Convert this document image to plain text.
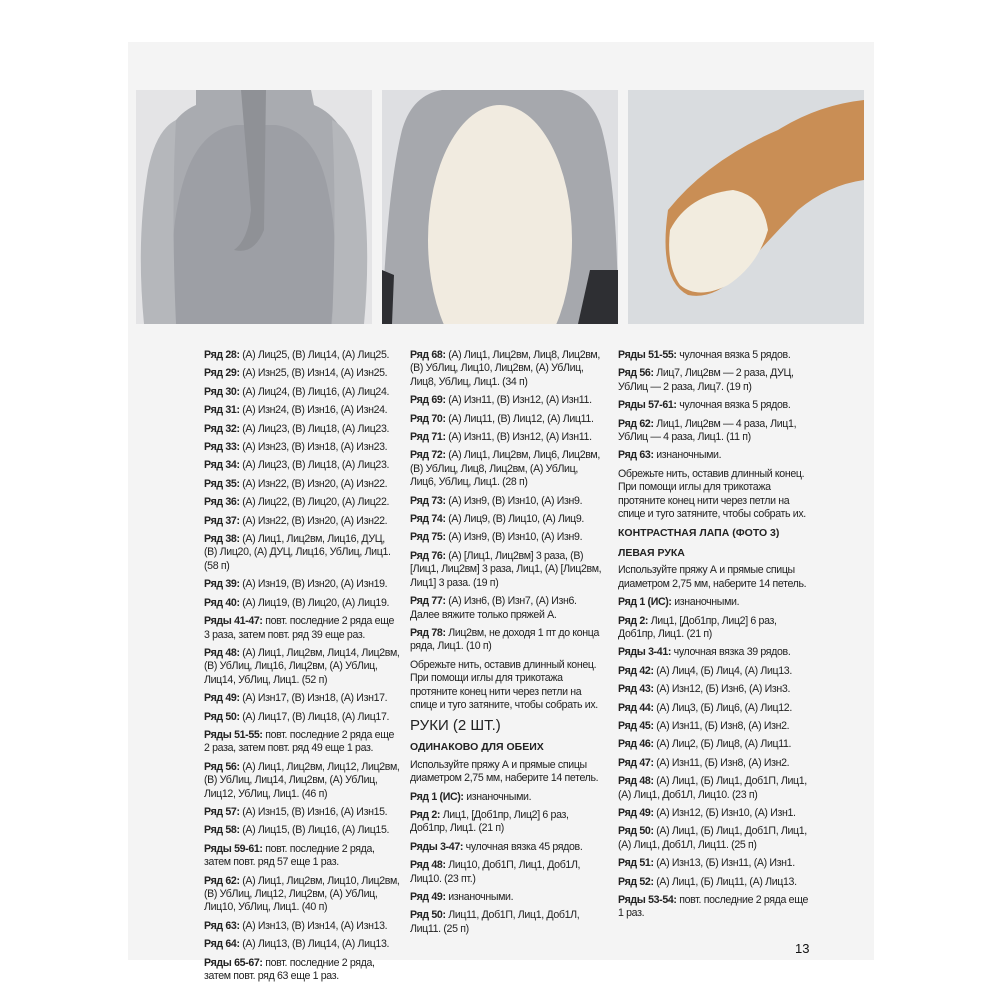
Ряд 28: (А) Лиц25, (В) Лиц14, (А) Лиц25.

Ряд 29: (А) Изн25, (В) Изн14, (А) Изн25.

Ряд 30: (А) Лиц24, (В) Лиц16, (А) Лиц24.

Ряд 31: (А) Изн24, (В) Изн16, (А) Изн24.

Ряд 32: (А) Лиц23, (В) Лиц18, (А) Лиц23.

Ряд 33: (А) Изн23, (В) Изн18, (А) Изн23.

Ряд 34: (А) Лиц23, (В) Лиц18, (А) Лиц23.

Ряд 35: (А) Изн22, (В) Изн20, (А) Изн22.

Ряд 36: (А) Лиц22, (В) Лиц20, (А) Лиц22.

Ряд 37: (А) Изн22, (В) Изн20, (А) Изн22.

Ряд 38: (А) Лиц1, Лиц2вм, Лиц16, ДУЦ, (В) Лиц20, (А) ДУЦ, Лиц16, УбЛиц, Лиц1. (58 п)

Ряд 39: (А) Изн19, (В) Изн20, (А) Изн19.

Ряд 40: (А) Лиц19, (В) Лиц20, (А) Лиц19.

Ряды 41-47: повт. последние 2 ряда еще 3 раза, затем повт. ряд 39 еще раз.

Ряд 48: (А) Лиц1, Лиц2вм, Лиц14, Лиц2вм, (В) УбЛиц, Лиц16, Лиц2вм, (А) УбЛиц, Лиц14, УбЛиц, Лиц1. (52 п)

Ряд 49: (А) Изн17, (В) Изн18, (А) Изн17.

Ряд 50: (А) Лиц17, (В) Лиц18, (А) Лиц17.

Ряды 51-55: повт. последние 2 ряда еще 2 раза, затем повт. ряд 49 еще 1 раз.

Ряд 56: (А) Лиц1, Лиц2вм, Лиц12, Лиц2вм, (В) УбЛиц, Лиц14, Лиц2вм, (А) УбЛиц, Лиц12, УбЛиц, Лиц1. (46 п)

Ряд 57: (А) Изн15, (В) Изн16, (А) Изн15.

Ряд 58: (А) Лиц15, (В) Лиц16, (А) Лиц15.

Ряды 59-61: повт. последние 2 ряда, затем повт. ряд 57 еще 1 раз.

Ряд 62: (А) Лиц1, Лиц2вм, Лиц10, Лиц2вм, (В) УбЛиц, Лиц12, Лиц2вм, (А) УбЛиц, Лиц10, УбЛиц, Лиц1. (40 п)

Ряд 63: (А) Изн13, (В) Изн14, (А) Изн13.

Ряд 64: (А) Лиц13, (В) Лиц14, (А) Лиц13.

Ряды 65-67: повт. последние 2 ряда, затем повт. ряд 63 еще 1 раз.

Ряд 68: (А) Лиц1, Лиц2вм, Лиц8, Лиц2вм, (В) УбЛиц, Лиц10, Лиц2вм, (А) УбЛиц, Лиц8, УбЛиц, Лиц1. (34 п)

Ряд 69: (А) Изн11, (В) Изн12, (А) Изн11.

Ряд 70: (А) Лиц11, (В) Лиц12, (А) Лиц11.

Ряд 71: (А) Изн11, (В) Изн12, (А) Изн11.

Ряд 72: (А) Лиц1, Лиц2вм, Лиц6, Лиц2вм, (В) УбЛиц, Лиц8, Лиц2вм, (А) УбЛиц, Лиц6, УбЛиц, Лиц1. (28 п)

Ряд 73: (А) Изн9, (В) Изн10, (А) Изн9.

Ряд 74: (А) Лиц9, (В) Лиц10, (А) Лиц9.

Ряд 75: (А) Изн9, (В) Изн10, (А) Изн9.

Ряд 76: (А) [Лиц1, Лиц2вм] 3 раза, (В) [Лиц1, Лиц2вм] 3 раза, Лиц1, (А) [Лиц2вм, Лиц1] 3 раза. (19 п)

Ряд 77: (А) Изн6, (В) Изн7, (А) Изн6. Далее вяжите только пряжей А.

Ряд 78: Лиц2вм, не доходя 1 пт до конца ряда, Лиц1. (10 п)

Обрежьте нить, оставив длинный конец. При помощи иглы для трикотажа протяните конец нити через петли на спице и туго затяните, чтобы собрать их.

РУКИ (2 ШТ.)

ОДИНАКОВО ДЛЯ ОБЕИХ

Используйте пряжу А и прямые спицы диаметром 2,75 мм, наберите 14 петель.

Ряд 1 (ИС): изнаночными.

Ряд 2: Лиц1, [Доб1пр, Лиц2] 6 раз, Доб1пр, Лиц1. (21 п)

Ряды 3-47: чулочная вязка 45 рядов.

Ряд 48: Лиц10, Доб1П, Лиц1, Доб1Л, Лиц10. (23 пт.)

Ряд 49: изнаночными.

Ряд 50: Лиц11, Доб1П, Лиц1, Доб1Л, Лиц11. (25 п)

Ряды 51-55: чулочная вязка 5 рядов.

Ряд 56: Лиц7, Лиц2вм — 2 раза, ДУЦ, УбЛиц — 2 раза, Лиц7. (19 п)

Ряды 57-61: чулочная вязка 5 рядов.

Ряд 62: Лиц1, Лиц2вм — 4 раза, Лиц1, УбЛиц — 4 раза, Лиц1. (11 п)

Ряд 63: изнаночными.

Обрежьте нить, оставив длинный конец. При помощи иглы для трикотажа протяните конец нити через петли на спице и туго затяните, чтобы собрать их.

КОНТРАСТНАЯ ЛАПА (ФОТО 3)

ЛЕВАЯ РУКА

Используйте пряжу А и прямые спицы диаметром 2,75 мм, наберите 14 петель.

Ряд 1 (ИС): изнаночными.

Ряд 2: Лиц1, [Доб1пр, Лиц2] 6 раз, Доб1пр, Лиц1. (21 п)

Ряды 3-41: чулочная вязка 39 рядов.

Ряд 42: (А) Лиц4, (Б) Лиц4, (А) Лиц13.

Ряд 43: (А) Изн12, (Б) Изн6, (А) Изн3.

Ряд 44: (А) Лиц3, (Б) Лиц6, (А) Лиц12.

Ряд 45: (А) Изн11, (Б) Изн8, (А) Изн2.

Ряд 46: (А) Лиц2, (Б) Лиц8, (А) Лиц11.

Ряд 47: (А) Изн11, (Б) Изн8, (А) Изн2.

Ряд 48: (А) Лиц1, (Б) Лиц1, Доб1П, Лиц1, (А) Лиц1, Доб1Л, Лиц10. (23 п)

Ряд 49: (А) Изн12, (Б) Изн10, (А) Изн1.

Ряд 50: (А) Лиц1, (Б) Лиц1, Доб1П, Лиц1, (А) Лиц1, Доб1Л, Лиц11. (25 п)

Ряд 51: (А) Изн13, (Б) Изн11, (А) Изн1.

Ряд 52: (А) Лиц1, (Б) Лиц11, (А) Лиц13.

Ряды 53-54: повт. последние 2 ряда еще 1 раз.

13
